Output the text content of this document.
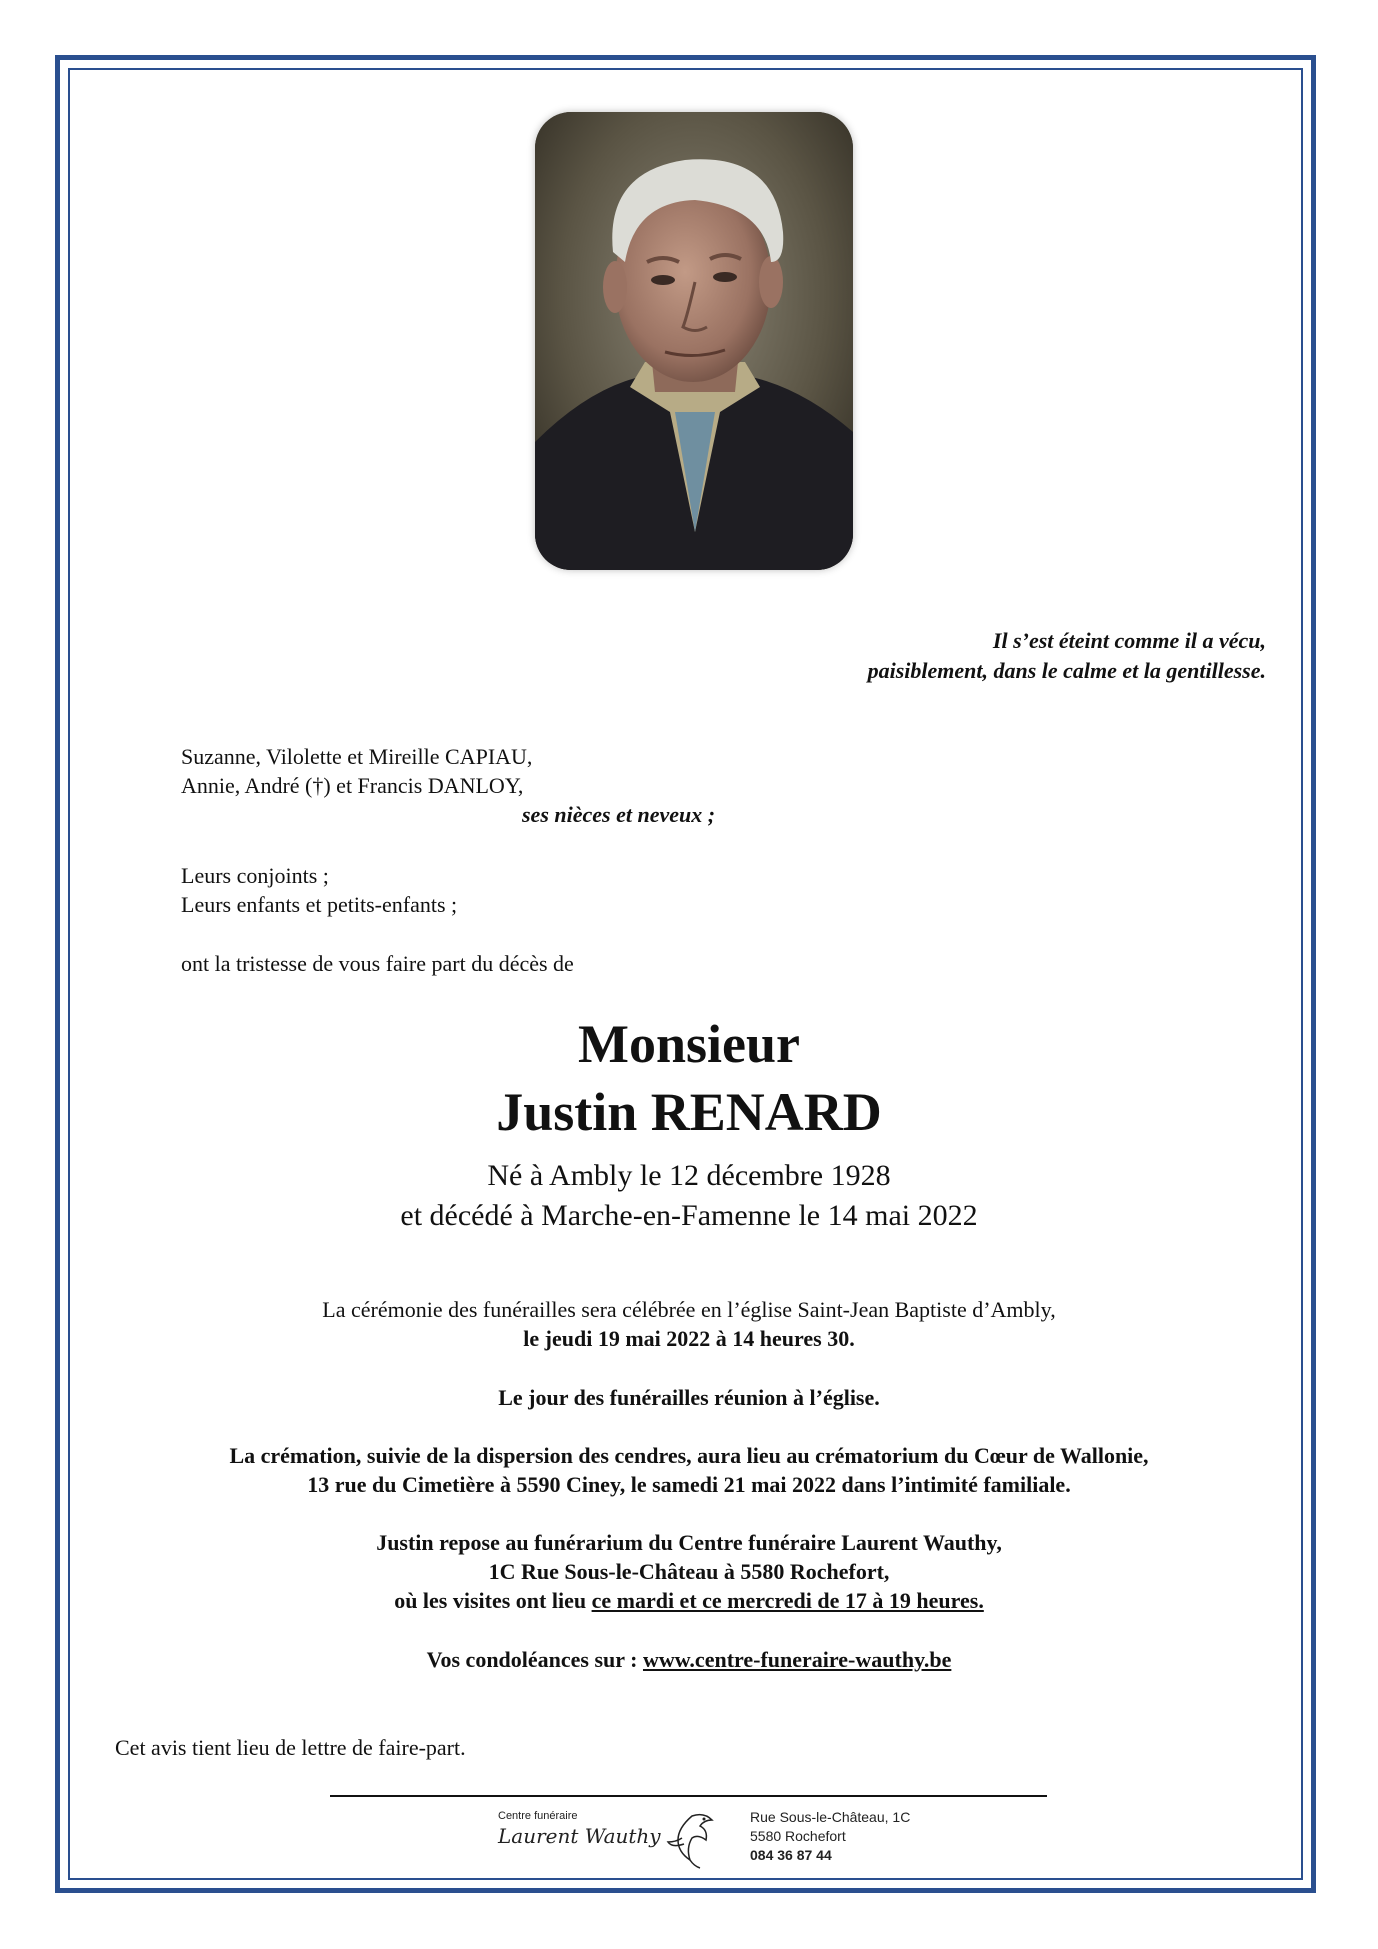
Il s’est éteint comme il a vécu,
paisiblement, dans le calme et la gentillesse.
Suzanne, Vilolette et Mireille CAPIAU,
Annie, André (†) et Francis DANLOY,
ses nièces et neveux ;
Leurs conjoints ;
Leurs enfants et petits-enfants ;
ont la tristesse de vous faire part du décès de
Monsieur
Justin RENARD
Né à Ambly le 12 décembre 1928
et décédé à Marche-en-Famenne le 14 mai 2022
La cérémonie des funérailles sera célébrée en l’église Saint-Jean Baptiste d’Ambly,
le jeudi 19 mai 2022 à 14 heures 30.
Le jour des funérailles réunion à l’église.
La crémation, suivie de la dispersion des cendres, aura lieu au crématorium du Cœur de Wallonie,
13 rue du Cimetière à 5590 Ciney, le samedi 21 mai 2022 dans l’intimité familiale.
Justin repose au funérarium du Centre funéraire Laurent Wauthy,
1C Rue Sous-le-Château à 5580 Rochefort,
où les visites ont lieu ce mardi et ce mercredi de 17 à 19 heures.
Vos condoléances sur : www.centre-funeraire-wauthy.be
Cet avis tient lieu de lettre de faire-part.
Centre funéraire
Laurent Wauthy
Rue Sous-le-Château, 1C
5580 Rochefort
084 36 87 44
